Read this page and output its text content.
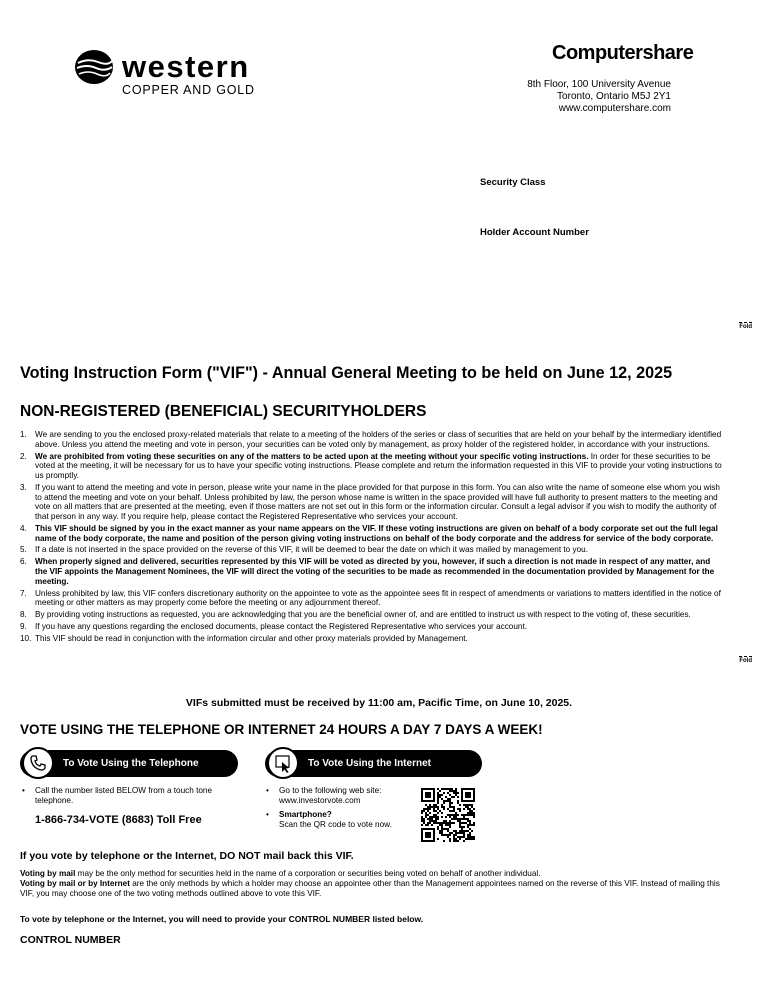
western
COPPER AND GOLD
Computershare
8th Floor, 100 University Avenue
Toronto, Ontario M5J 2Y1
www.computershare.com
Security Class
Holder Account Number
Fold
Fold
Voting Instruction Form ("VIF") - Annual General Meeting to be held on June 12, 2025
NON-REGISTERED (BENEFICIAL) SECURITYHOLDERS
1. We are sending to you the enclosed proxy-related materials that relate to a meeting of the holders of the series or class of securities that are held on your behalf by the intermediary identified above. Unless you attend the meeting and vote in person, your securities can be voted only by management, as proxy holder of the registered holder, in accordance with your instructions.
2. We are prohibited from voting these securities on any of the matters to be acted upon at the meeting without your specific voting instructions. In order for these securities to be voted at the meeting, it will be necessary for us to have your specific voting instructions. Please complete and return the information requested in this VIF to provide your voting instructions to us promptly.
3. If you want to attend the meeting and vote in person, please write your name in the place provided for that purpose in this form. You can also write the name of someone else whom you wish to attend the meeting and vote on your behalf. Unless prohibited by law, the person whose name is written in the space provided will have full authority to present matters to the meeting and vote on all matters that are presented at the meeting, even if those matters are not set out in this form or the information circular. Consult a legal advisor if you wish to modify the authority of that person in any way. If you require help, please contact the Registered Representative who services your account.
4. This VIF should be signed by you in the exact manner as your name appears on the VIF. If these voting instructions are given on behalf of a body corporate set out the full legal name of the body corporate, the name and position of the person giving voting instructions on behalf of the body corporate and the address for service of the body corporate.
5. If a date is not inserted in the space provided on the reverse of this VIF, it will be deemed to bear the date on which it was mailed by management to you.
6. When properly signed and delivered, securities represented by this VIF will be voted as directed by you, however, if such a direction is not made in respect of any matter, and the VIF appoints the Management Nominees, the VIF will direct the voting of the securities to be made as recommended in the documentation provided by Management for the meeting.
7. Unless prohibited by law, this VIF confers discretionary authority on the appointee to vote as the appointee sees fit in respect of amendments or variations to matters identified in the notice of meeting or other matters as may properly come before the meeting or any adjournment thereof.
8. By providing voting instructions as requested, you are acknowledging that you are the beneficial owner of, and are entitled to instruct us with respect to the voting of, these securities.
9. If you have any questions regarding the enclosed documents, please contact the Registered Representative who services your account.
10. This VIF should be read in conjunction with the information circular and other proxy materials provided by Management.
VIFs submitted must be received by 11:00 am, Pacific Time, on June 10, 2025.
VOTE USING THE TELEPHONE OR INTERNET 24 HOURS A DAY 7 DAYS A WEEK!
To Vote Using the Telephone
• Call the number listed BELOW from a touch tone telephone.
1-866-734-VOTE (8683) Toll Free
To Vote Using the Internet
• Go to the following web site: www.investorvote.com
• Smartphone?
Scan the QR code to vote now.
If you vote by telephone or the Internet, DO NOT mail back this VIF.
Voting by mail may be the only method for securities held in the name of a corporation or securities being voted on behalf of another individual.
Voting by mail or by Internet are the only methods by which a holder may choose an appointee other than the Management appointees named on the reverse of this VIF. Instead of mailing this VIF, you may choose one of the two voting methods outlined above to vote this VIF.
To vote by telephone or the Internet, you will need to provide your CONTROL NUMBER listed below.
CONTROL NUMBER
